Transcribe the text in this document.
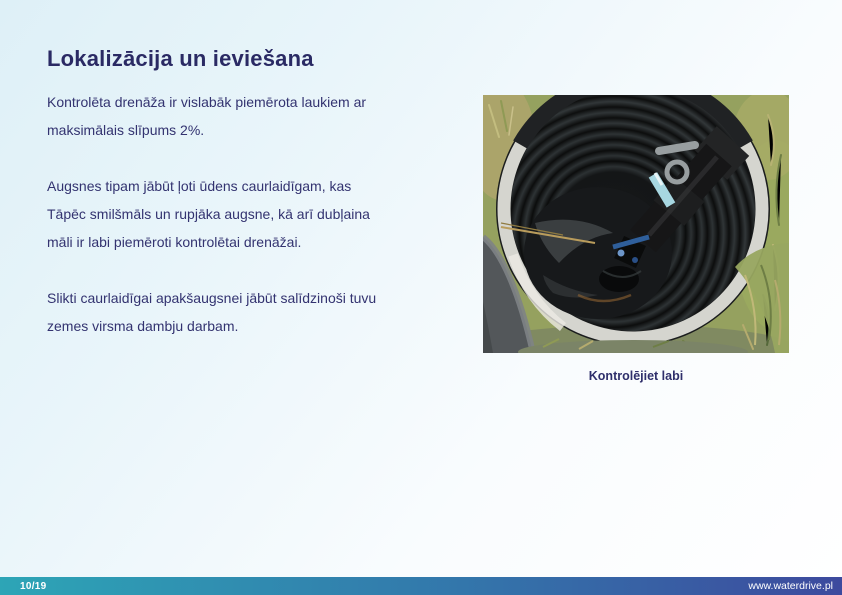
Lokalizācija un ieviešana
Kontrolēta drenāža ir vislabāk piemērota laukiem ar
maksimālais slīpums 2%.
Augsnes tipam jābūt ļoti ūdens caurlaidīgam, kas
Tāpēc smilšmāls un rupjāka augsne, kā arī dubļaina
māli ir labi piemēroti kontrolētai drenāžai.
Slikti caurlaidīgai apakšaugsnei jābūt salīdzinoši tuvu
zemes virsma dambju darbam.
Kontrolējiet labi
10/19	www.waterdrive.pl
